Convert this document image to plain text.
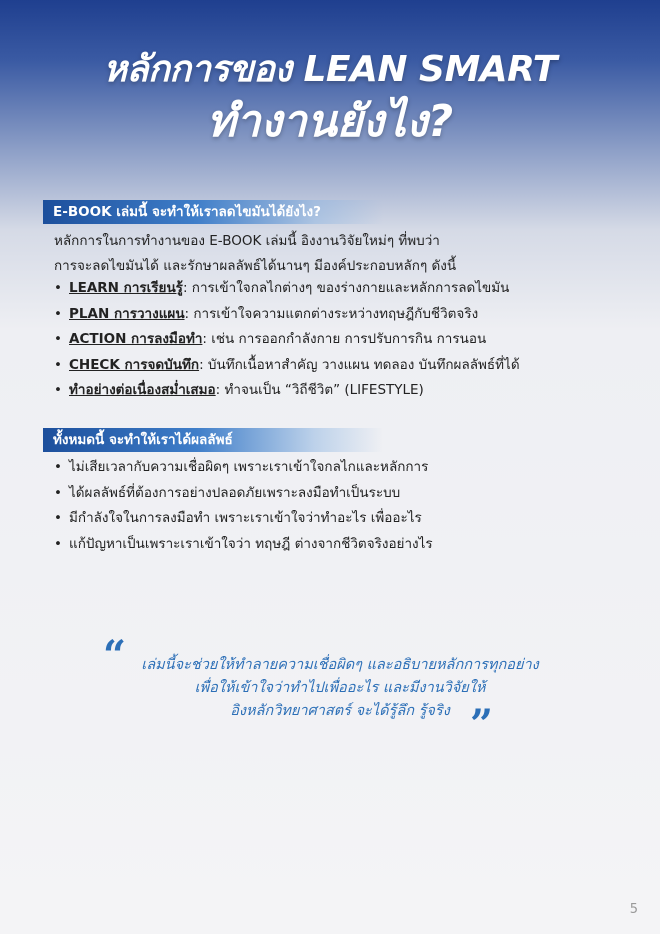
หลักการของ LEAN SMART
ทำงานยังไง?
E-BOOK เล่มนี้ จะทำให้เราลดไขมันได้ยังไง?
หลักการในการทำงานของ E-BOOK เล่มนี้ อิงงานวิจัยใหม่ๆ ที่พบว่า
การจะลดไขมันได้ และรักษาผลลัพธ์ได้นานๆ มีองค์ประกอบหลักๆ ดังนี้
• LEARN การเรียนรู้: การเข้าใจกลไกต่างๆ ของร่างกายและหลักการลดไขมัน
• PLAN การวางแผน: การเข้าใจความแตกต่างระหว่างทฤษฎีกับชีวิตจริง
• ACTION การลงมือทำ: เช่น การออกกำลังกาย การปรับการกิน การนอน
• CHECK การจดบันทึก: บันทึกเนื้อหาสำคัญ วางแผน ทดลอง บันทึกผลลัพธ์ที่ได้
• ทำอย่างต่อเนื่องสม่ำเสมอ: ทำจนเป็น “วิถีชีวิต” (LIFESTYLE)
ทั้งหมดนี้ จะทำให้เราได้ผลลัพธ์
• ไม่เสียเวลากับความเชื่อผิดๆ เพราะเราเข้าใจกลไกและหลักการ
• ได้ผลลัพธ์ที่ต้องการอย่างปลอดภัยเพราะลงมือทำเป็นระบบ
• มีกำลังใจในการลงมือทำ เพราะเราเข้าใจว่าทำอะไร เพื่ออะไร
• แก้ปัญหาเป็นเพราะเราเข้าใจว่า ทฤษฎี ต่างจากชีวิตจริงอย่างไร
“	เล่มนี้จะช่วยให้ทำลายความเชื่อผิดๆ และอธิบายหลักการทุกอย่าง
เพื่อให้เข้าใจว่าทำไปเพื่ออะไร และมีงานวิจัยให้
อิงหลักวิทยาศาสตร์ จะได้รู้ลึก รู้จริง ”
5
